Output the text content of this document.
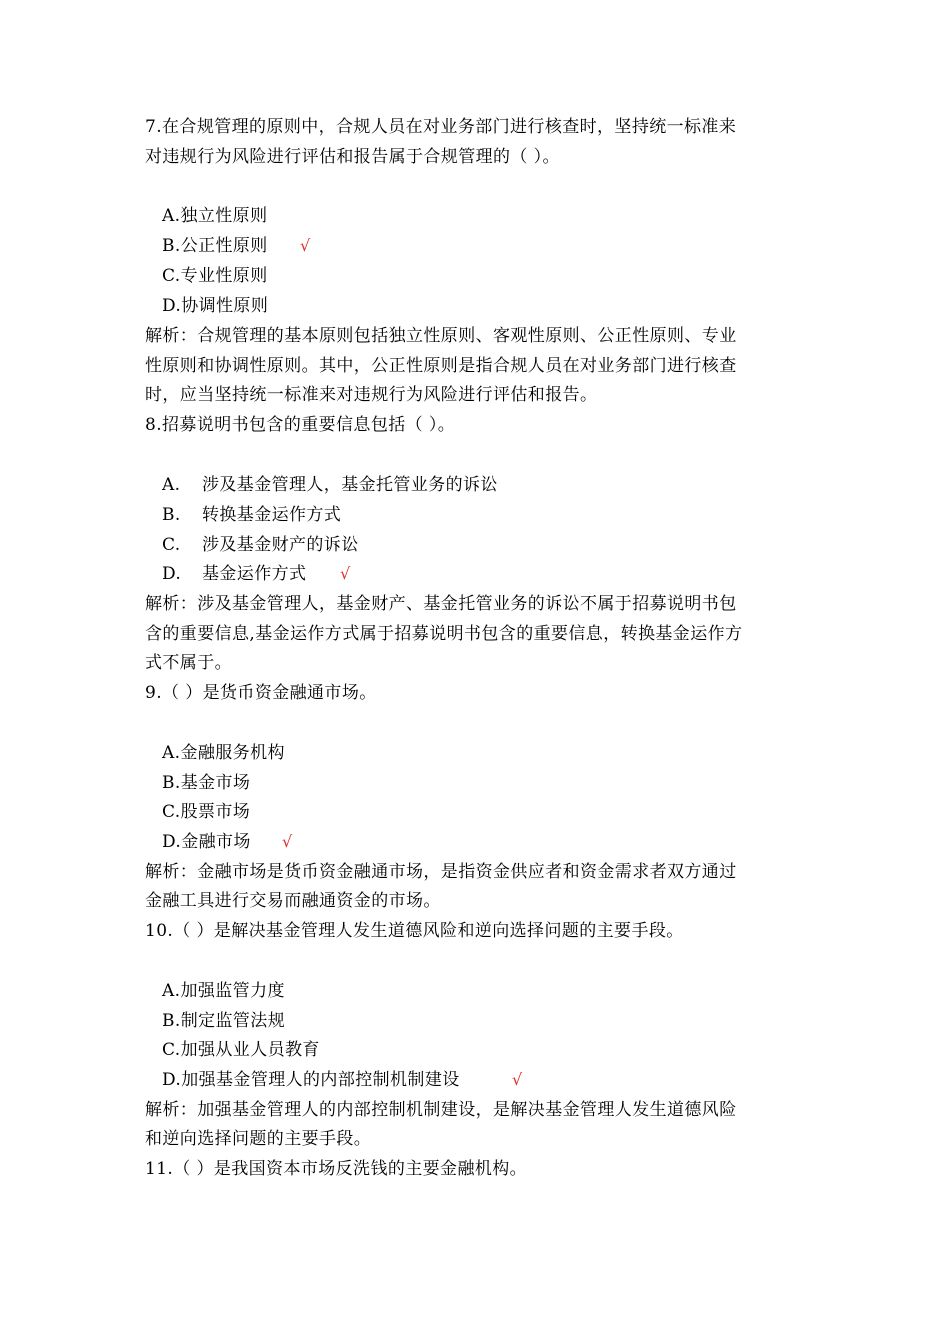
7.在合规管理的原则中，合规人员在对业务部门进行核查时，坚持统一标准来
对违规行为风险进行评估和报告属于合规管理的（ ）。
A.独立性原则
B.公正性原则 √
C.专业性原则
D.协调性原则
解析：合规管理的基本原则包括独立性原则、客观性原则、公正性原则、专业
性原则和协调性原则。其中，公正性原则是指合规人员在对业务部门进行核查
时，应当坚持统一标准来对违规行为风险进行评估和报告。
8.招募说明书包含的重要信息包括（ ）。
A. 涉及基金管理人，基金托管业务的诉讼
B. 转换基金运作方式
C. 涉及基金财产的诉讼
D. 基金运作方式 √
解析：涉及基金管理人，基金财产、基金托管业务的诉讼不属于招募说明书包
含的重要信息,基金运作方式属于招募说明书包含的重要信息，转换基金运作方
式不属于。
9.（ ）是货币资金融通市场。
A.金融服务机构
B.基金市场
C.股票市场
D.金融市场 √
解析：金融市场是货币资金融通市场，是指资金供应者和资金需求者双方通过
金融工具进行交易而融通资金的市场。
10.（ ）是解决基金管理人发生道德风险和逆向选择问题的主要手段。
A.加强监管力度
B.制定监管法规
C.加强从业人员教育
D.加强基金管理人的内部控制机制建设	√
解析：加强基金管理人的内部控制机制建设，是解决基金管理人发生道德风险
和逆向选择问题的主要手段。
11.（ ）是我国资本市场反洗钱的主要金融机构。
